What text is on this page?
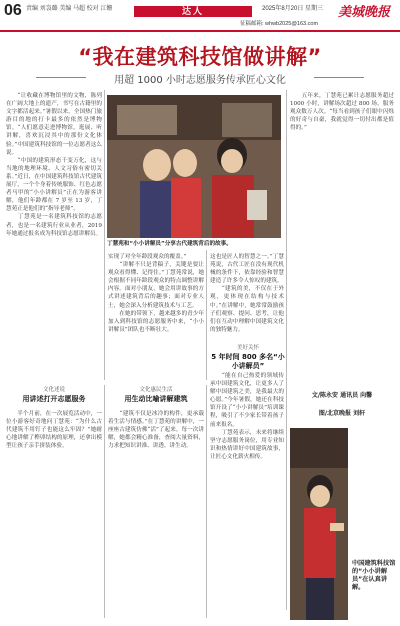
06 责编 刘袅璐 美编 马超 校对 江姗	达人	2025年8月20日 星期三 美城晚报
征稿邮箱: whwb2025@163.com
“我在建筑科技馆做讲解”
用超 1000 小时志愿服务传承匠心文化
丁慧苑和“小小讲解员”分享古代建筑背后的故事。
　　“让收藏在博物馆里的文物，陈列在广阔大地上的遗产，书写在古籍里的文字都活起来。”暑假以来，全国热门旅游目的地的打卡最多的依然是博物馆。“人们愿意走进博物馆，逛展、听讲解，喜欢沉浸其中的那份文化体验。”中国建筑科技馆的一位志愿者这么说。
　　“中国的建筑形态千变万化，这与当地的地理环境、人文习俗有密切关系。”近日，在中国建筑科技馆古代建筑展厅，一个个身着传统服饰、红色志愿者马甲的“小小讲解员”正在为游客讲解，他们年龄都在 7 岁至 13 岁，丁慧苑正是他们的“指导老师”。
　　丁慧苑是一名建筑科技馆的志愿者，也是一名建筑行业从业者，2019 年她通过报名成为科技馆志愿讲解员。
实现了对全年龄段观众的覆盖。”
　　“讲解不只是背稿子，关键是要让观众看得懂、记得住。”丁慧苑常说，她会根据不同年龄段观众的特点调整讲解内容。面对小朋友，她会用讲故事的方式讲述建筑背后的趣事；面对专业人士，她会深入分析建筑技术与工艺。
　　在她的带领下，越来越多的青少年加入到科技馆的志愿服务中来，“小小讲解员”团队也不断壮大。
这也是匠人的智慧之一。”丁慧苑说，古代工匠在没有现代机械的条件下，依靠经验和智慧建造了许多令人惊叹的建筑。
　　“建筑的美，不仅在于外观，更体现在结构与技术中。”在讲解中，她常常鼓励孩子们观察、提问、思考，让他们在互动中理解中国建筑文化的独特魅力。
　　五年来，丁慧苑已累计志愿服务超过 1000 小时，讲解场次超过 800 场，服务观众数万人次。“每当看到孩子们眼中闪烁的好奇与自豪，我就觉得一切付出都是值得的。”
美好关怀
5 年时间 800 多名“小小讲解员”
文化述说
用讲述打开志愿服务
　　半个月前，在一次展览活动中，一位小游客好奇地问丁慧苑：“为什么古代建筑不用钉子也能这么牢固？”她耐心地讲解了榫卯结构的原理，还拿出模型让孩子亲手拼装体验。
文化惠民生活
用生动比喻讲解建筑
　　“建筑不仅是冰冷的构件，更承载着生活与情感。”在丁慧苑的讲解中，一座座古建筑仿佛“活”了起来。每一次讲解，她都会精心准备，查阅大量资料，力求把知识讲准、讲透、讲生动。
　　“能在自己热爱的领域传承中国建筑文化，让更多人了解中国建筑之美，是我最大的心愿。”今年暑假，她还在科技馆开设了“小小讲解员”培训课程，吸引了不少家长带着孩子前来报名。
　　丁慧苑表示，未来将继续坚守志愿服务岗位，用专业知识和热情讲好中国建筑故事，让匠心文化薪火相传。
文/陈永安 通讯员 向馨
图/北京晚报 刘轩
中国建筑科技馆的“小小讲解员”在认真讲解。
